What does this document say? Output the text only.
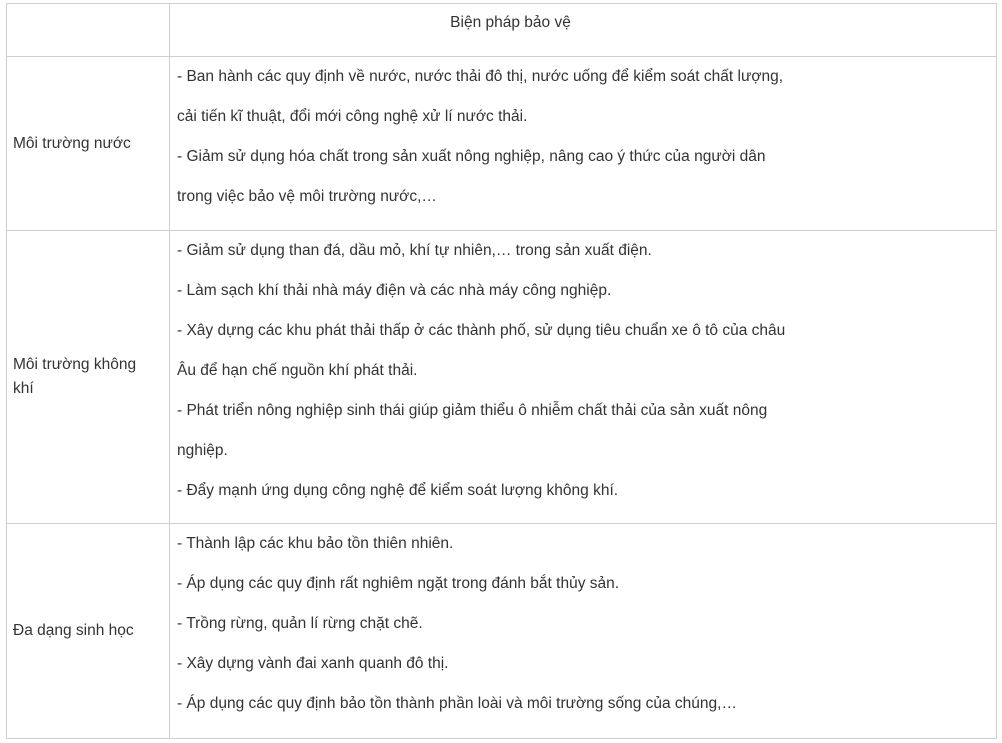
Biện pháp bảo vệ
Môi trường nước
- Ban hành các quy định về nước, nước thải đô thị, nước uống để kiểm soát chất lượng,
cải tiến kĩ thuật, đổi mới công nghệ xử lí nước thải.
- Giảm sử dụng hóa chất trong sản xuất nông nghiệp, nâng cao ý thức của người dân
trong việc bảo vệ môi trường nước,…
Môi trường không khí
- Giảm sử dụng than đá, dầu mỏ, khí tự nhiên,… trong sản xuất điện.
- Làm sạch khí thải nhà máy điện và các nhà máy công nghiệp.
- Xây dựng các khu phát thải thấp ở các thành phố, sử dụng tiêu chuẩn xe ô tô của châu
Âu để hạn chế nguồn khí phát thải.
- Phát triển nông nghiệp sinh thái giúp giảm thiểu ô nhiễm chất thải của sản xuất nông
nghiệp.
- Đẩy mạnh ứng dụng công nghệ để kiểm soát lượng không khí.
Đa dạng sinh học
- Thành lập các khu bảo tồn thiên nhiên.
- Áp dụng các quy định rất nghiêm ngặt trong đánh bắt thủy sản.
- Trồng rừng, quản lí rừng chặt chẽ.
- Xây dựng vành đai xanh quanh đô thị.
- Áp dụng các quy định bảo tồn thành phần loài và môi trường sống của chúng,…
